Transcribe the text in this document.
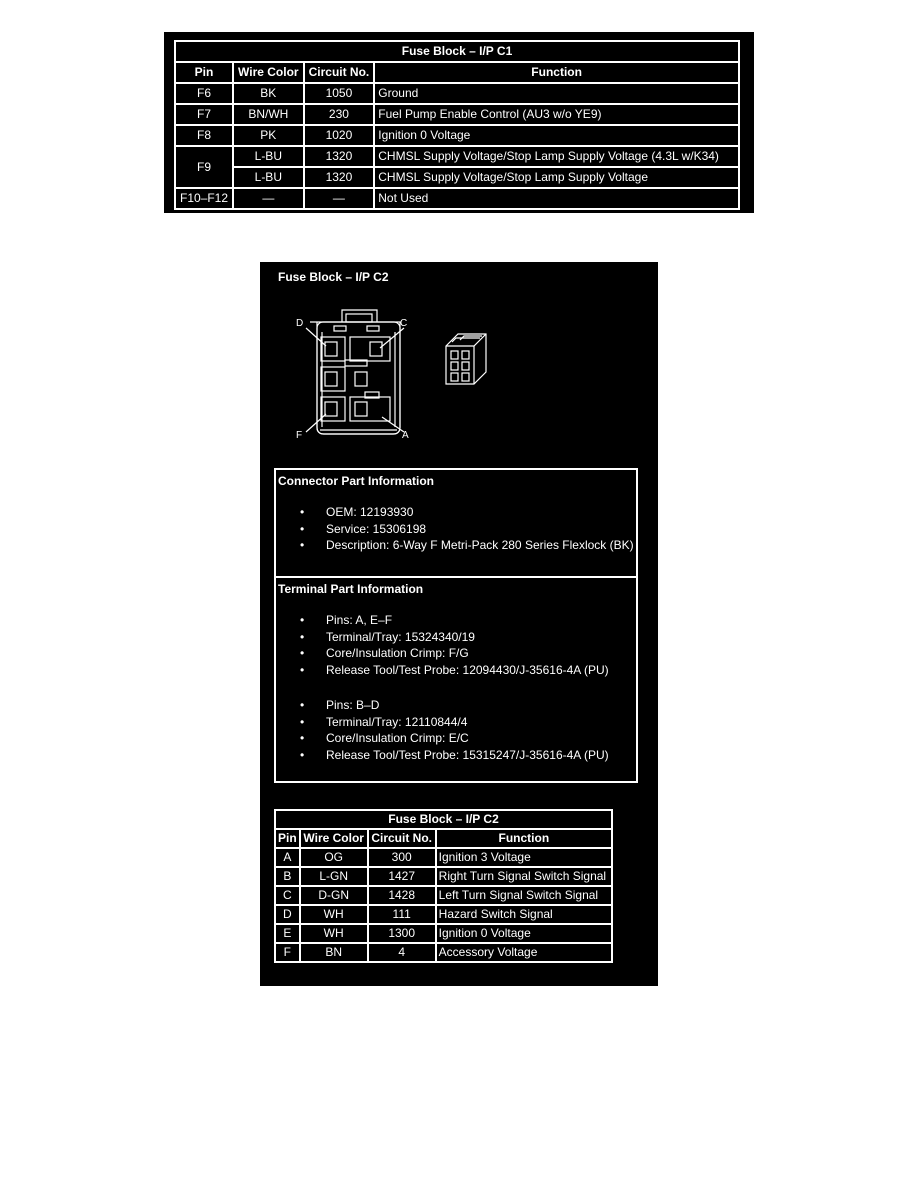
Fuse Block – I/P C1			
Pin	Wire Color	Circuit No.	Function
F6	BK	1050	Ground
F7	BN/WH	230	Fuel Pump Enable Control (AU3 w/o YE9)
F8	PK	1020	Ignition 0 Voltage
F9	L-BU	1320	CHMSL Supply Voltage/Stop Lamp Supply Voltage (4.3L w/K34)
	L-BU	1320	CHMSL Supply Voltage/Stop Lamp Supply Voltage
F10–F12	—	—	Not Used
Fuse Block – I/P C2
D	C
F	A
Connector Part Information
• OEM: 12193930
• Service: 15306198
• Description: 6-Way F Metri-Pack 280 Series Flexlock (BK)
Terminal Part Information
• Pins: A, E–F
• Terminal/Tray: 15324340/19
• Core/Insulation Crimp: F/G
• Release Tool/Test Probe: 12094430/J-35616-4A (PU)
• Pins: B–D
• Terminal/Tray: 12110844/4
• Core/Insulation Crimp: E/C
• Release Tool/Test Probe: 15315247/J-35616-4A (PU)
Fuse Block – I/P C2			
Pin	Wire Color	Circuit No.	Function
A	OG	300	Ignition 3 Voltage
B	L-GN	1427	Right Turn Signal Switch Signal
C	D-GN	1428	Left Turn Signal Switch Signal
D	WH	111	Hazard Switch Signal
E	WH	1300	Ignition 0 Voltage
F	BN	4	Accessory Voltage
